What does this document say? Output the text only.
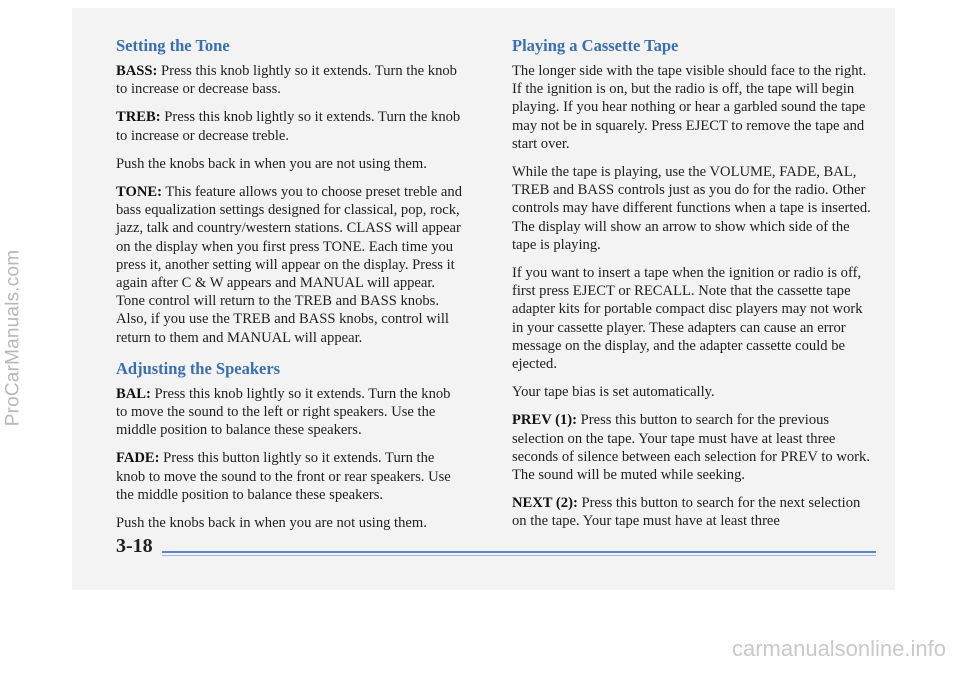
ProCarManuals.com
Setting the Tone

BASS: Press this knob lightly so it extends. Turn the knob to increase or decrease bass.

TREB: Press this knob lightly so it extends. Turn the knob to increase or decrease treble.

Push the knobs back in when you are not using them.

TONE: This feature allows you to choose preset treble and bass equalization settings designed for classical, pop, rock, jazz, talk and country/western stations. CLASS will appear on the display when you first press TONE. Each time you press it, another setting will appear on the display. Press it again after C & W appears and MANUAL will appear. Tone control will return to the TREB and BASS knobs. Also, if you use the TREB and BASS knobs, control will return to them and MANUAL will appear.

Adjusting the Speakers

BAL: Press this knob lightly so it extends. Turn the knob to move the sound to the left or right speakers. Use the middle position to balance these speakers.

FADE: Press this button lightly so it extends. Turn the knob to move the sound to the front or rear speakers. Use the middle position to balance these speakers.

Push the knobs back in when you are not using them.

Playing a Cassette Tape

The longer side with the tape visible should face to the right. If the ignition is on, but the radio is off, the tape will begin playing. If you hear nothing or hear a garbled sound the tape may not be in squarely. Press EJECT to remove the tape and start over.

While the tape is playing, use the VOLUME, FADE, BAL, TREB and BASS controls just as you do for the radio. Other controls may have different functions when a tape is inserted. The display will show an arrow to show which side of the tape is playing.

If you want to insert a tape when the ignition or radio is off, first press EJECT or RECALL. Note that the cassette tape adapter kits for portable compact disc players may not work in your cassette player. These adapters can cause an error message on the display, and the adapter cassette could be ejected.

Your tape bias is set automatically.

PREV (1): Press this button to search for the previous selection on the tape. Your tape must have at least three seconds of silence between each selection for PREV to work. The sound will be muted while seeking.

NEXT (2): Press this button to search for the next selection on the tape. Your tape must have at least three

3-18
carmanualsonline.info
